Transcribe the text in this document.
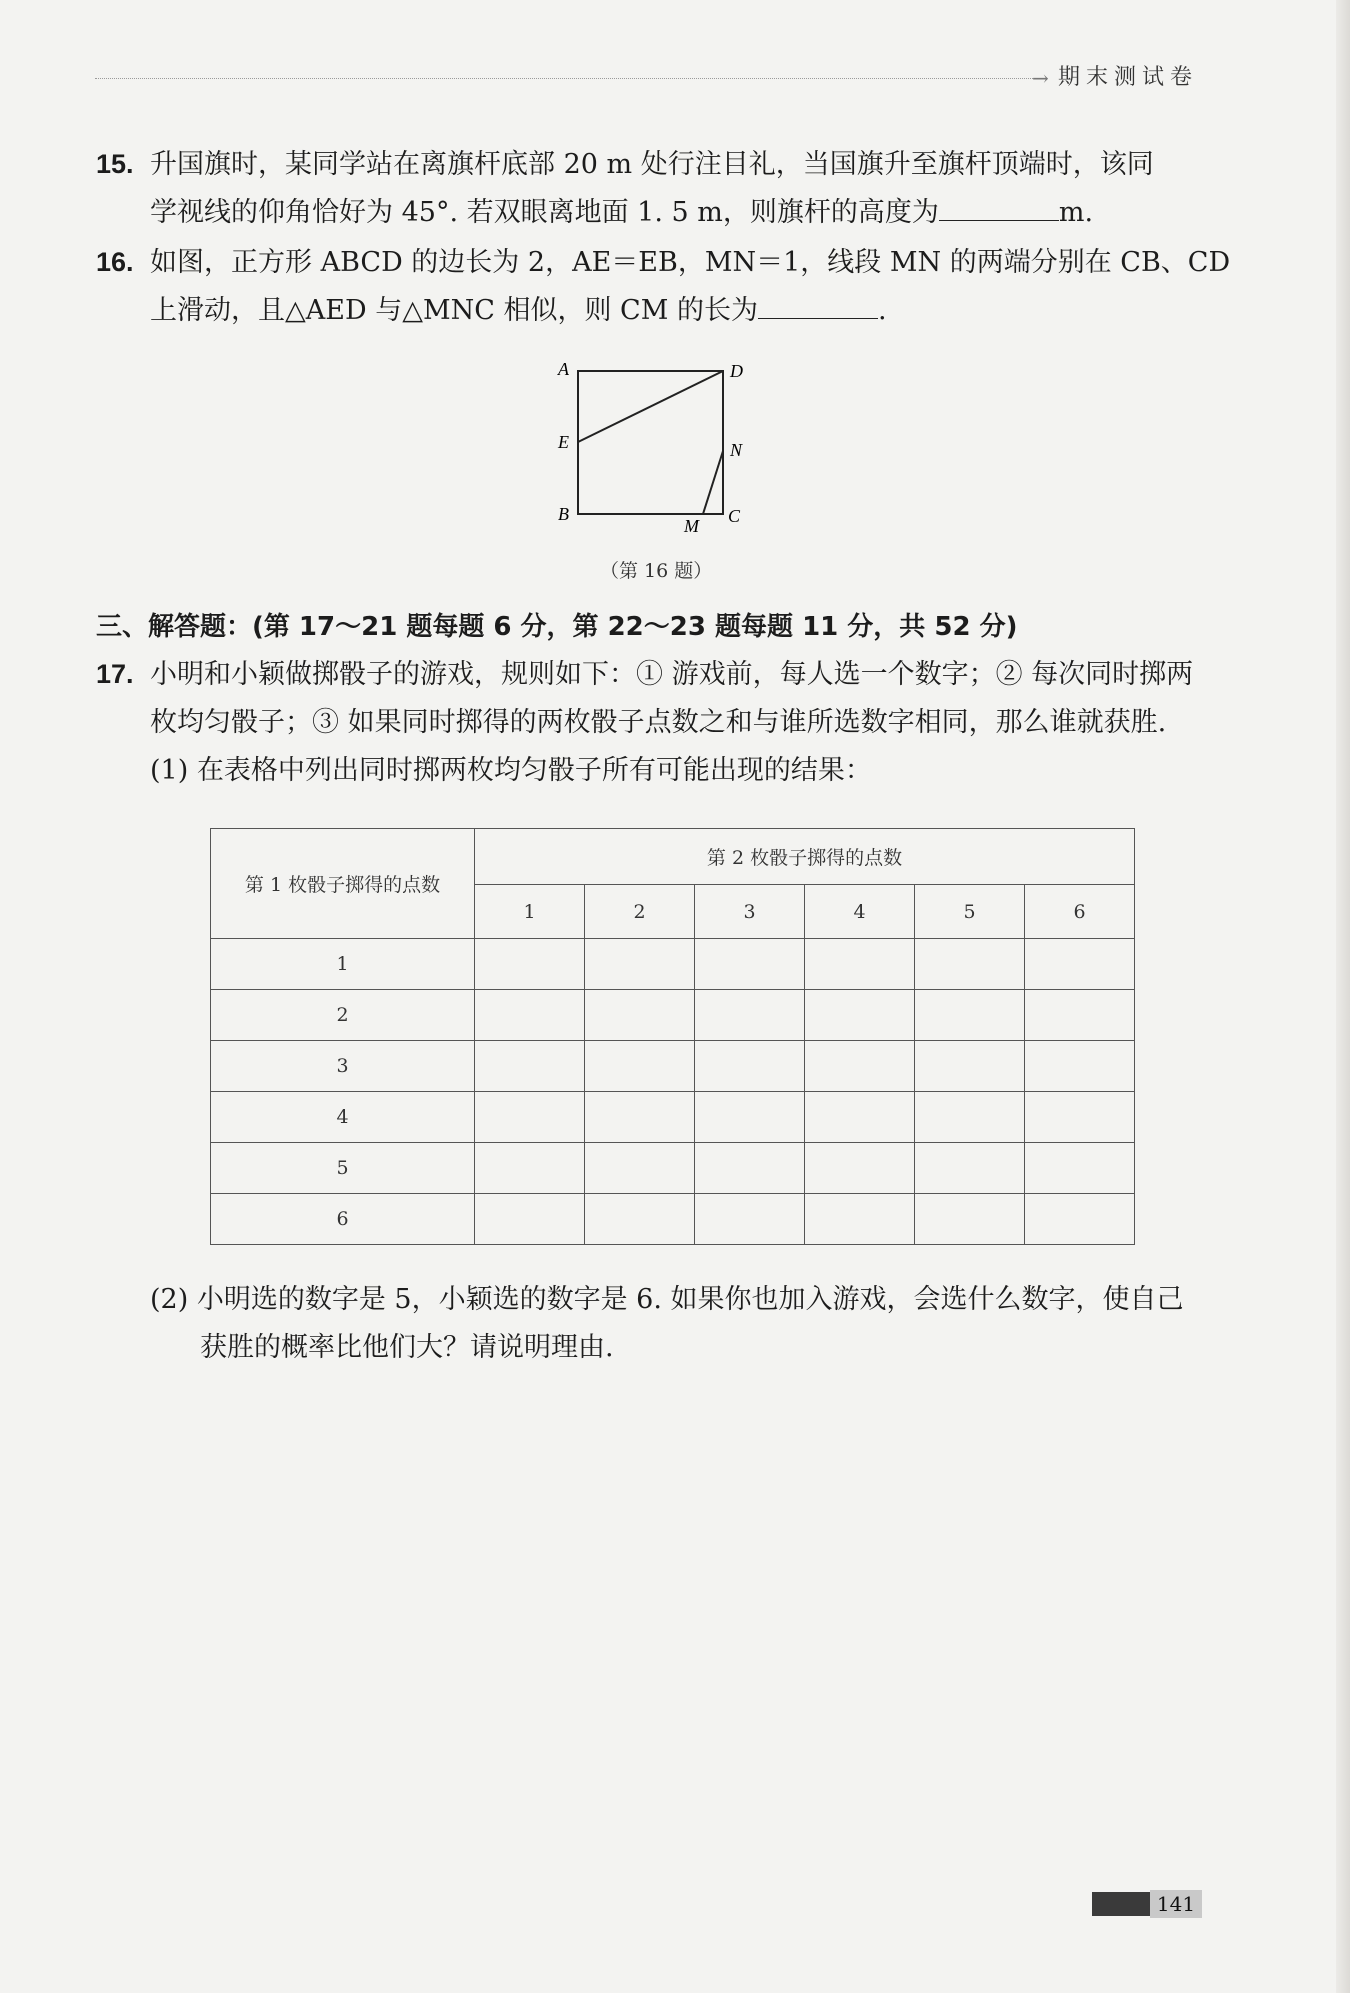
→ 期末测试卷
15. 升国旗时，某同学站在离旗杆底部 20 m 处行注目礼，当国旗升至旗杆顶端时，该同
学视线的仰角恰好为 45°. 若双眼离地面 1. 5 m，则旗杆的高度为	m.
16. 如图，正方形 ABCD 的边长为 2，AE＝EB，MN＝1，线段 MN 的两端分别在 CB、CD
上滑动，且△AED 与△MNC 相似，则 CM 的长为	.
A	D
E	N
B
M C
（第 16 题）
三、解答题：(第 17～21 题每题 6 分，第 22～23 题每题 11 分，共 52 分)
17. 小明和小颖做掷骰子的游戏，规则如下：① 游戏前，每人选一个数字；② 每次同时掷两
枚均匀骰子；③ 如果同时掷得的两枚骰子点数之和与谁所选数字相同，那么谁就获胜.
(1) 在表格中列出同时掷两枚均匀骰子所有可能出现的结果：
第 1 枚骰子掷得的点数	第 2 枚骰子掷得的点数					
	1	2	3	4	5	6
1						
2						
3						
4						
5						
6						
(2) 小明选的数字是 5，小颖选的数字是 6. 如果你也加入游戏，会选什么数字，使自己
获胜的概率比他们大？请说明理由.
141
